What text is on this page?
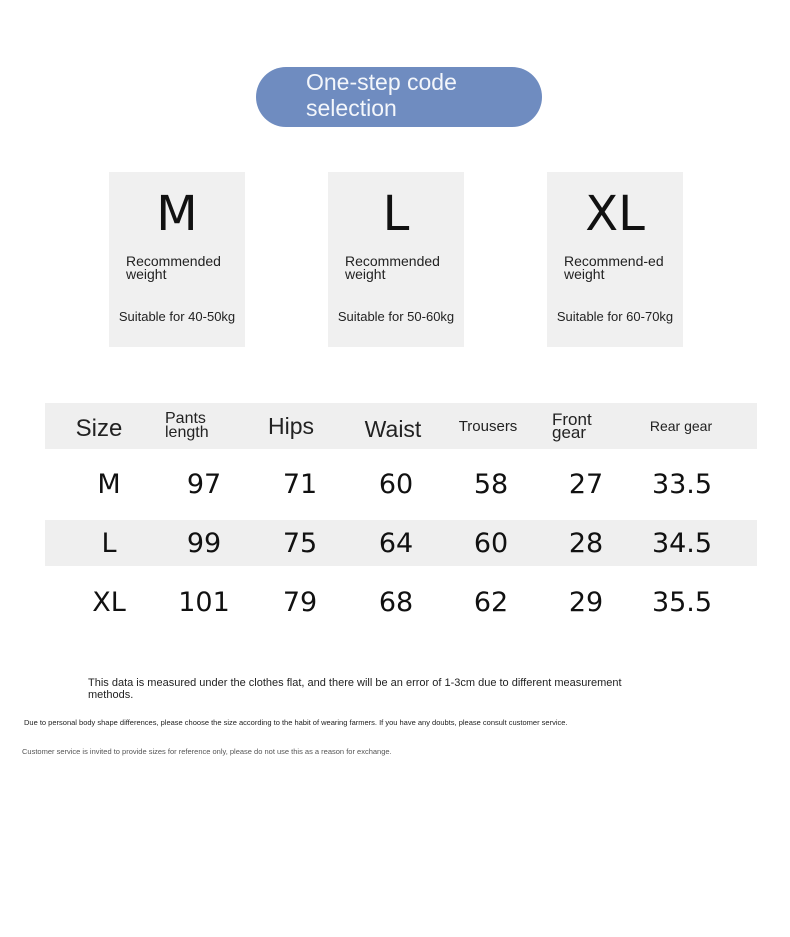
One-step code selection
M
Recommended weight
Suitable for 40-50kg
L
Recommended weight
Suitable for 50-60kg
XL
Recommend-ed weight
Suitable for 60-70kg
Size	Pants length	Hips	Waist	Trousers	Front gear	Rear gear
M	97	71	60	58	27	33.5
L	99	75	64	60	28	34.5
XL	101	79	68	62	29	35.5
This data is measured under the clothes flat, and there will be an error of 1-3cm due to different measurement methods.
Due to personal body shape differences, please choose the size according to the habit of wearing farmers. If you have any doubts, please consult customer service.
Customer service is invited to provide sizes for reference only, please do not use this as a reason for exchange.
